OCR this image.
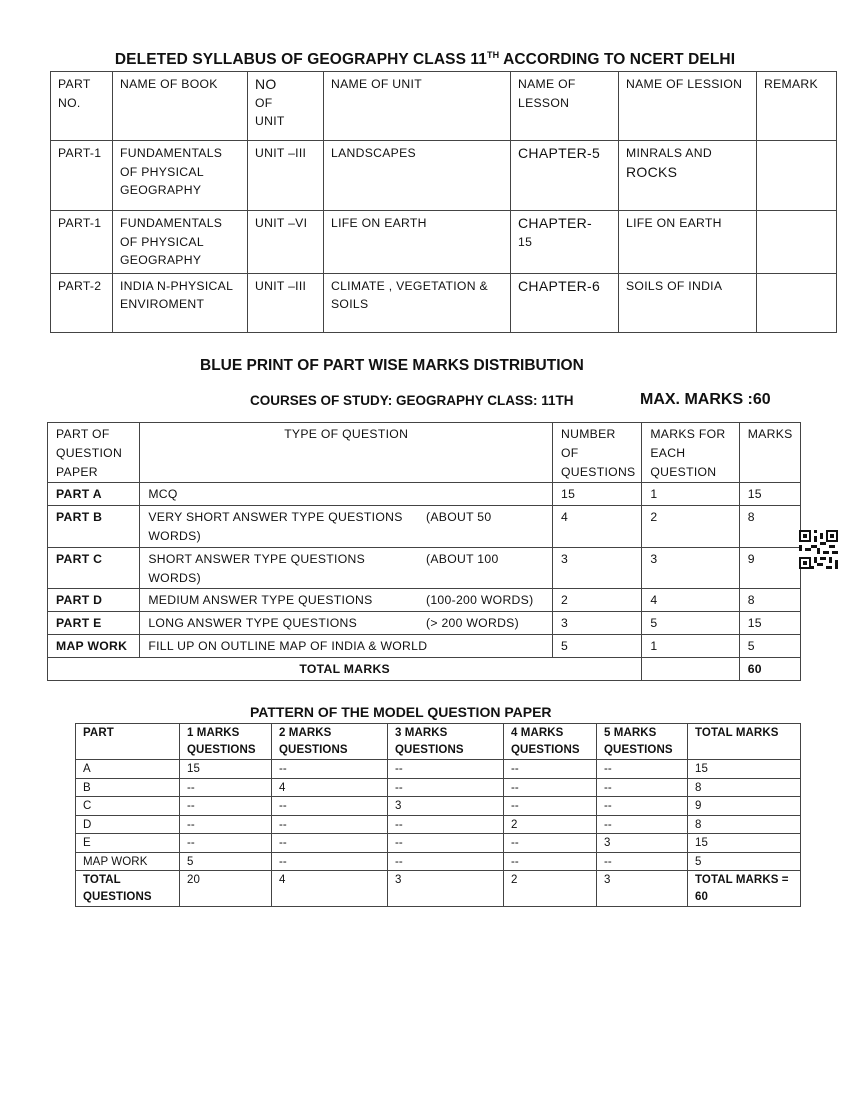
DELETED SYLLABUS OF GEOGRAPHY CLASS 11TH ACCORDING TO NCERT DELHI
PART NO.	NAME OF BOOK	NO
OF
UNIT	NAME OF UNIT	NAME OF LESSON	NAME OF LESSION	REMARK
PART-1	FUNDAMENTALS OF PHYSICAL GEOGRAPHY	UNIT –III	LANDSCAPES	CHAPTER-5	MINRALS AND
ROCKS	

PART-1	FUNDAMENTALS OF PHYSICAL GEOGRAPHY	UNIT –VI	LIFE ON EARTH	CHAPTER-
15	LIFE ON EARTH	
PART-2	INDIA N-PHYSICAL ENVIROMENT	UNIT –III	CLIMATE , VEGETATION & SOILS	CHAPTER-6	SOILS OF INDIA	
BLUE PRINT OF PART WISE MARKS DISTRIBUTION
COURSES OF STUDY: GEOGRAPHY CLASS: 11TH	MAX. MARKS :60
PART OF QUESTION PAPER	TYPE OF QUESTION	NUMBER OF QUESTIONS	MARKS FOR EACH QUESTION	MARKS
PART A	MCQ	15	1	15
PART B	VERY SHORT ANSWER TYPE QUESTIONS (ABOUT 50
WORDS)	4	2	8
PART C	SHORT ANSWER TYPE QUESTIONS (ABOUT 100
WORDS)	3	3	9
PART D	MEDIUM ANSWER TYPE QUESTIONS (100-200 WORDS)	2	4	8
PART E	LONG ANSWER TYPE QUESTIONS (> 200 WORDS)	3	5	15
MAP WORK	FILL UP ON OUTLINE MAP OF INDIA & WORLD	5	1	5
TOTAL MARKS				60
PATTERN OF THE MODEL QUESTION PAPER
PART	1 MARKS QUESTIONS	2 MARKS QUESTIONS	3 MARKS QUESTIONS	4 MARKS QUESTIONS	5 MARKS QUESTIONS	TOTAL MARKS
A	15	--	--	--	--	15
B	--	4	--	--	--	8
C	--	--	3	--	--	9
D	--	--	--	2	--	8
E	--	--	--	--	3	15
MAP WORK	5	--	--	--	--	5
TOTAL QUESTIONS	20	4	3	2	3	TOTAL MARKS = 60
